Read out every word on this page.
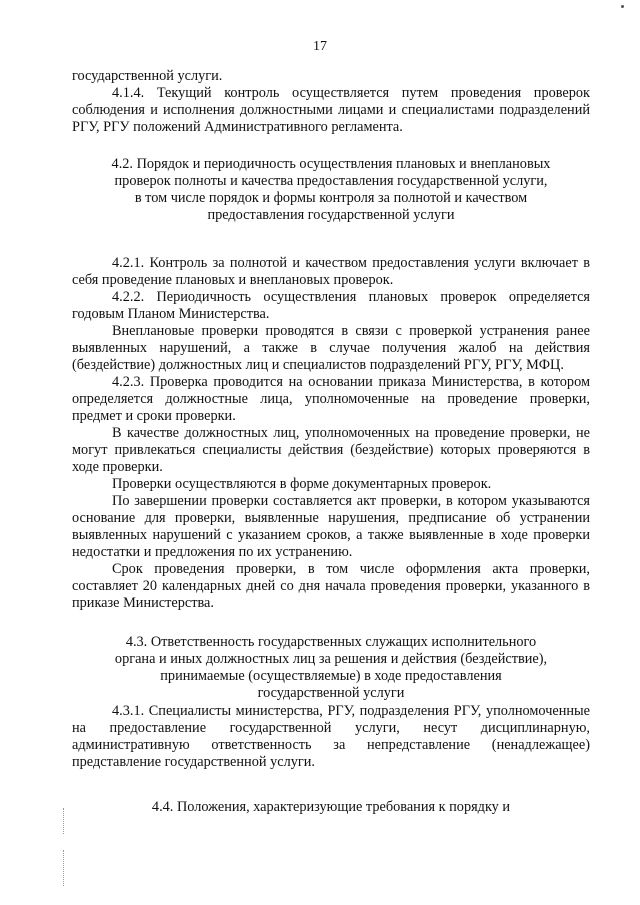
17

государственной услуги.

4.1.4. Текущий контроль осуществляется путем проведения проверок соблюдения и исполнения должностными лицами и специалистами подразделений РГУ, РГУ положений Административного регламента.

4.2. Порядок и периодичность осуществления плановых и внеплановых проверок полноты и качества предоставления государственной услуги, в том числе порядок и формы контроля за полнотой и качеством предоставления государственной услуги

4.2.1. Контроль за полнотой и качеством предоставления услуги включает в себя проведение плановых и внеплановых проверок.

4.2.2. Периодичность осуществления плановых проверок определяется годовым Планом Министерства.

Внеплановые проверки проводятся в связи с проверкой устранения ранее выявленных нарушений, а также в случае получения жалоб на действия (бездействие) должностных лиц и специалистов подразделений РГУ, РГУ, МФЦ.

4.2.3. Проверка проводится на основании приказа Министерства, в котором определяется должностные лица, уполномоченные на проведение проверки, предмет и сроки проверки.

В качестве должностных лиц, уполномоченных на проведение проверки, не могут привлекаться специалисты действия (бездействие) которых проверяются в ходе проверки.

Проверки осуществляются в форме документарных проверок.

По завершении проверки составляется акт проверки, в котором указываются основание для проверки, выявленные нарушения, предписание об устранении выявленных нарушений с указанием сроков, а также выявленные в ходе проверки недостатки и предложения по их устранению.

Срок проведения проверки, в том числе оформления акта проверки, составляет 20 календарных дней со дня начала проведения проверки, указанного в приказе Министерства.

4.3. Ответственность государственных служащих исполнительного органа и иных должностных лиц за решения и действия (бездействие), принимаемые (осуществляемые) в ходе предоставления государственной услуги

4.3.1. Специалисты министерства, РГУ, подразделения РГУ, уполномоченные на предоставление государственной услуги, несут дисциплинарную, административную ответственность за непредставление (ненадлежащее) представление государственной услуги.

4.4. Положения, характеризующие требования к порядку и
